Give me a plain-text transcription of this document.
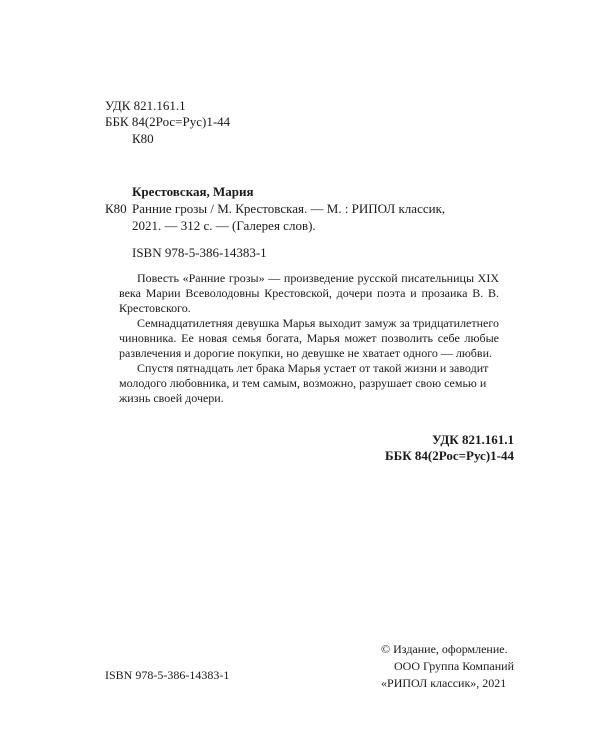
УДК 821.161.1
ББК 84(2Рос=Рус)1-44
К80
Крестовская, Мария
К80 Ранние грозы / М. Крестовская. — М. : РИПОЛ классик,
2021. — 312 с. — (Галерея слов).
ISBN 978-5-386-14383-1

Повесть «Ранние грозы» — произведение русской писательницы XIX века Марии Всеволодовны Крестовской, дочери поэта и прозаика В. В. Крестовского.

Семнадцатилетняя девушка Марья выходит замуж за тридцатилетнего чиновника. Ее новая семья богата, Марья может позволить себе любые развлечения и дорогие покупки, но девушке не хватает одного — любви.

Спустя пятнадцать лет брака Марья устает от такой жизни и заводит молодого любовника, и тем самым, возможно, разрушает свою семью и жизнь своей дочери.

УДК 821.161.1
ББК 84(2Рос=Рус)1-44
ISBN 978-5-386-14383-1
© Издание, оформление.
ООО Группа Компаний
«РИПОЛ классик», 2021
